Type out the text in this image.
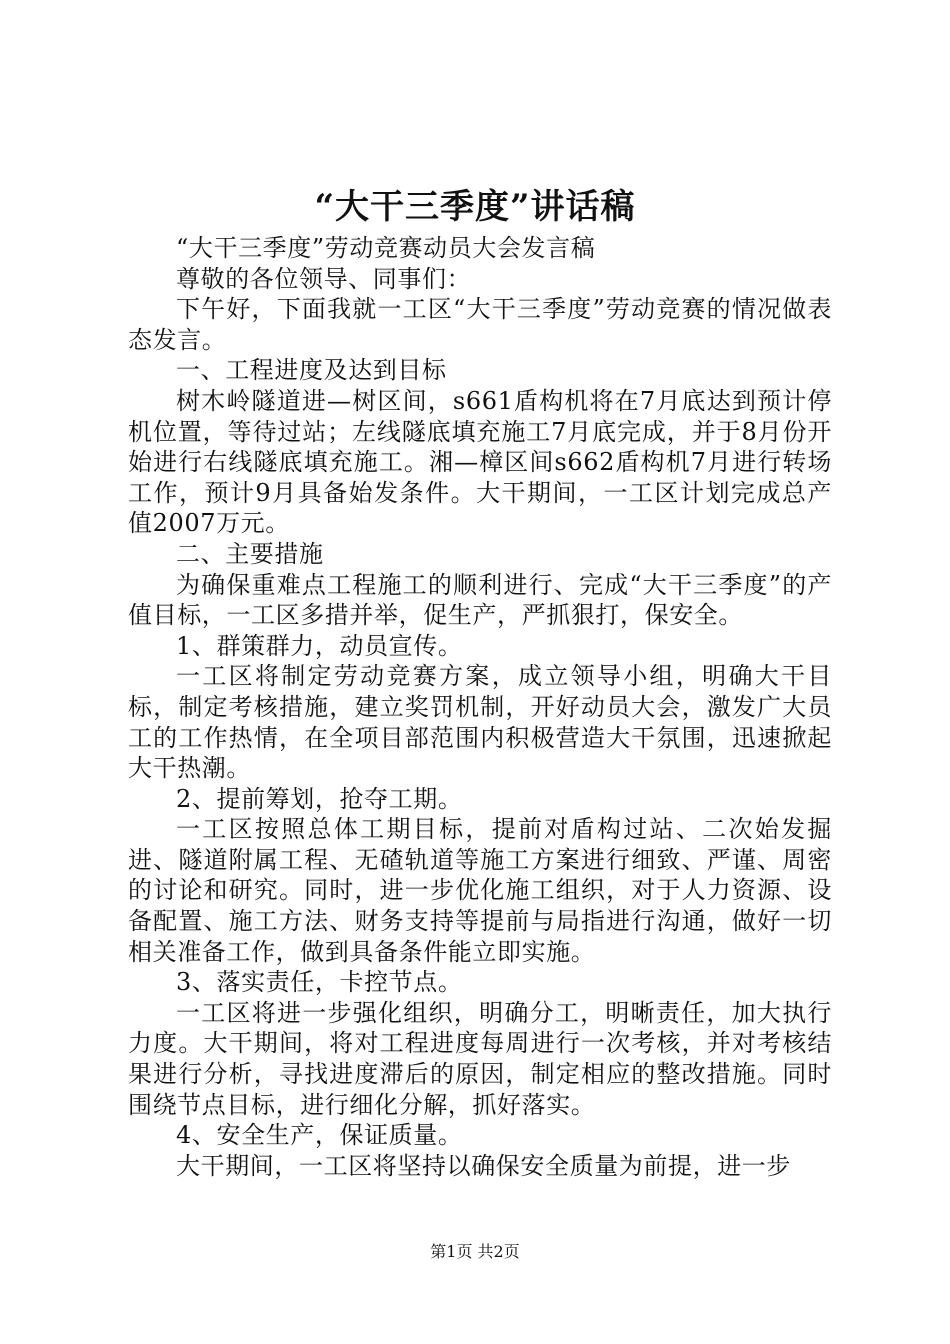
“大干三季度”讲话稿

“大干三季度”劳动竞赛动员大会发言稿

尊敬的各位领导、同事们：

下午好，下面我就一工区“大干三季度”劳动竞赛的情况做表态发言。

一、工程进度及达到目标

树木岭隧道进—树区间，s661盾构机将在7月底达到预计停机位置，等待过站；左线隧底填充施工7月底完成，并于8月份开始进行右线隧底填充施工。湘—樟区间s662盾构机7月进行转场工作，预计9月具备始发条件。大干期间，一工区计划完成总产值2007万元。

二、主要措施

为确保重难点工程施工的顺利进行、完成“大干三季度”的产值目标，一工区多措并举，促生产，严抓狠打，保安全。

1、群策群力，动员宣传。

一工区将制定劳动竞赛方案，成立领导小组，明确大干目标，制定考核措施，建立奖罚机制，开好动员大会，激发广大员工的工作热情，在全项目部范围内积极营造大干氛围，迅速掀起大干热潮。

2、提前筹划，抢夺工期。

一工区按照总体工期目标，提前对盾构过站、二次始发掘进、隧道附属工程、无碴轨道等施工方案进行细致、严谨、周密的讨论和研究。同时，进一步优化施工组织，对于人力资源、设备配置、施工方法、财务支持等提前与局指进行沟通，做好一切相关准备工作，做到具备条件能立即实施。

3、落实责任，卡控节点。

一工区将进一步强化组织，明确分工，明晰责任，加大执行力度。大干期间，将对工程进度每周进行一次考核，并对考核结果进行分析，寻找进度滞后的原因，制定相应的整改措施。同时围绕节点目标，进行细化分解，抓好落实。

4、安全生产，保证质量。

大干期间，一工区将坚持以确保安全质量为前提，进一步

第1页 共2页
